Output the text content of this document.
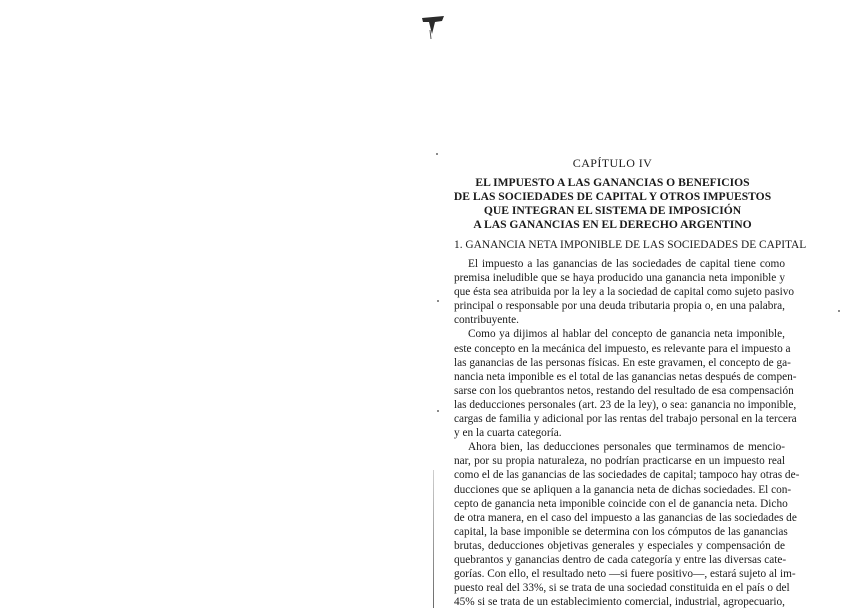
CAPÍTULO IV
EL IMPUESTO A LAS GANANCIAS O BENEFICIOS
DE LAS SOCIEDADES DE CAPITAL Y OTROS IMPUESTOS
QUE INTEGRAN EL SISTEMA DE IMPOSICIÓN
A LAS GANANCIAS EN EL DERECHO ARGENTINO
1. GANANCIA NETA IMPONIBLE DE LAS SOCIEDADES DE CAPITAL
El impuesto a las ganancias de las sociedades de capital tiene como
premisa ineludible que se haya producido una ganancia neta imponible y
que ésta sea atribuida por la ley a la sociedad de capital como sujeto pasivo
principal o responsable por una deuda tributaria propia o, en una palabra,
contribuyente.
Como ya dijimos al hablar del concepto de ganancia neta imponible,
este concepto en la mecánica del impuesto, es relevante para el impuesto a
las ganancias de las personas físicas. En este gravamen, el concepto de ga-
nancia neta imponible es el total de las ganancias netas después de compen-
sarse con los quebrantos netos, restando del resultado de esa compensación
las deducciones personales (art. 23 de la ley), o sea: ganancia no imponible,
cargas de familia y adicional por las rentas del trabajo personal en la tercera
y en la cuarta categoría.
Ahora bien, las deducciones personales que terminamos de mencio-
nar, por su propia naturaleza, no podrían practicarse en un impuesto real
como el de las ganancias de las sociedades de capital; tampoco hay otras de-
ducciones que se apliquen a la ganancia neta de dichas sociedades. El con-
cepto de ganancia neta imponible coincide con el de ganancia neta. Dicho
de otra manera, en el caso del impuesto a las ganancias de las sociedades de
capital, la base imponible se determina con los cómputos de las ganancias
brutas, deducciones objetivas generales y especiales y compensación de
quebrantos y ganancias dentro de cada categoría y entre las diversas cate-
gorías. Con ello, el resultado neto —si fuere positivo—, estará sujeto al im-
puesto real del 33%, si se trata de una sociedad constituida en el país o del
45% si se trata de un establecimiento comercial, industrial, agropecuario,
